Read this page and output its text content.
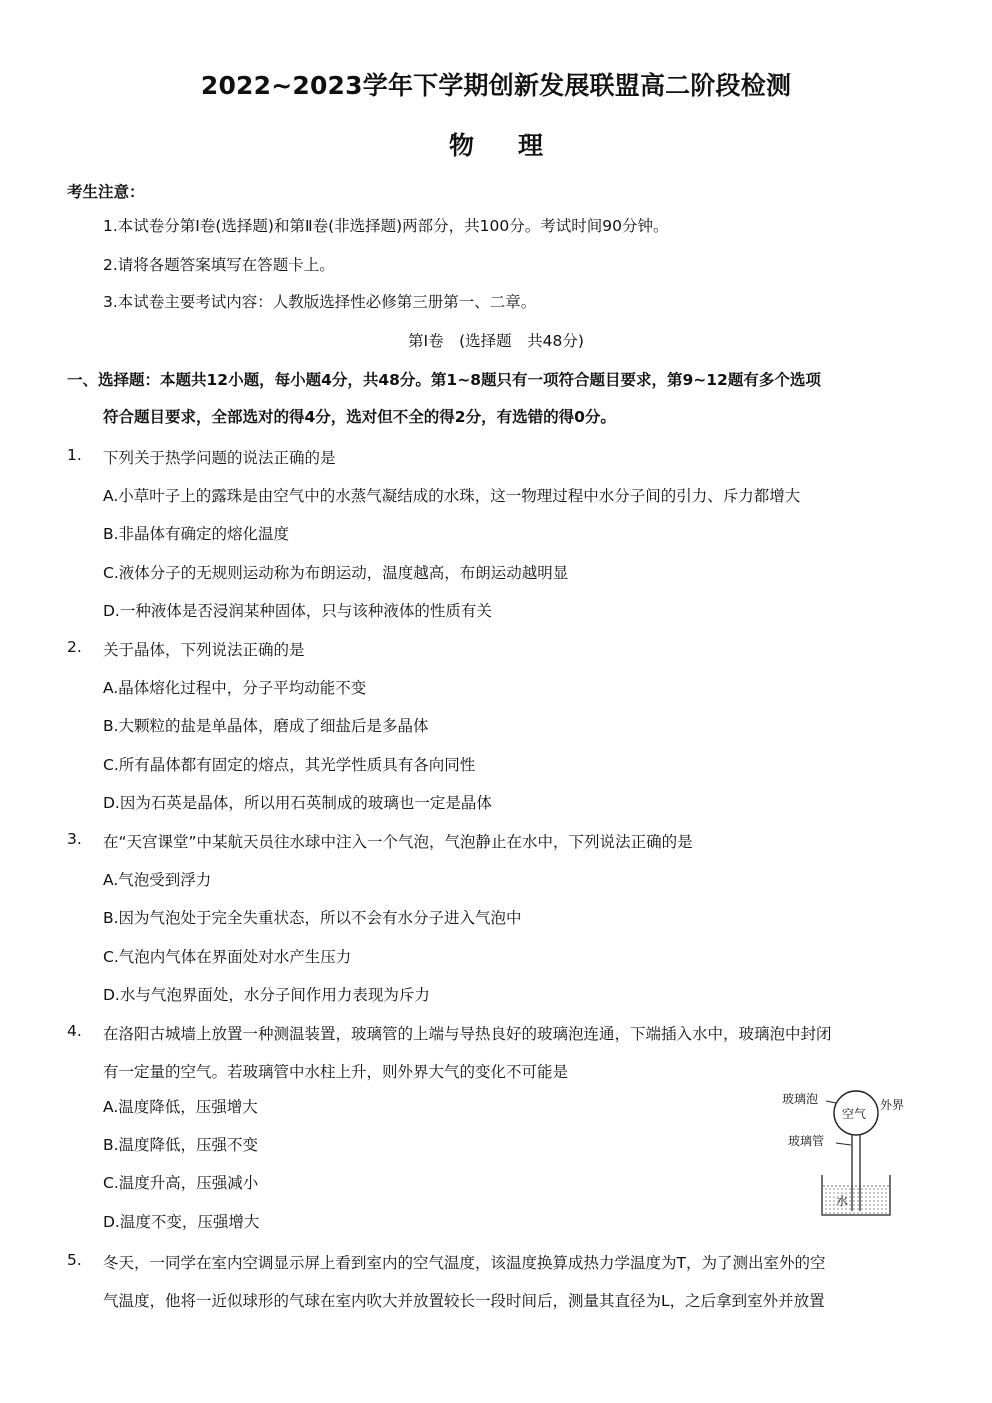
2022~2023学年下学期创新发展联盟高二阶段检测
物 理
考生注意：
1.本试卷分第Ⅰ卷(选择题)和第Ⅱ卷(非选择题)两部分，共100分。考试时间90分钟。
2.请将各题答案填写在答题卡上。
3.本试卷主要考试内容：人教版选择性必修第三册第一、二章。
第Ⅰ卷　(选择题　共48分)
一、选择题：本题共12小题，每小题4分，共48分。第1~8题只有一项符合题目要求，第9~12题有多个选项
符合题目要求，全部选对的得4分，选对但不全的得2分，有选错的得0分。
1. 下列关于热学问题的说法正确的是
A.小草叶子上的露珠是由空气中的水蒸气凝结成的水珠，这一物理过程中水分子间的引力、斥力都增大
B.非晶体有确定的熔化温度
C.液体分子的无规则运动称为布朗运动，温度越高，布朗运动越明显
D.一种液体是否浸润某种固体，只与该种液体的性质有关
2. 关于晶体，下列说法正确的是
A.晶体熔化过程中，分子平均动能不变
B.大颗粒的盐是单晶体，磨成了细盐后是多晶体
C.所有晶体都有固定的熔点，其光学性质具有各向同性
D.因为石英是晶体，所以用石英制成的玻璃也一定是晶体
3. 在“天宫课堂”中某航天员往水球中注入一个气泡，气泡静止在水中，下列说法正确的是
A.气泡受到浮力
B.因为气泡处于完全失重状态，所以不会有水分子进入气泡中
C.气泡内气体在界面处对水产生压力
D.水与气泡界面处，水分子间作用力表现为斥力
4. 在洛阳古城墙上放置一种测温装置，玻璃管的上端与导热良好的玻璃泡连通，下端插入水中，玻璃泡中封闭
有一定量的空气。若玻璃管中水柱上升，则外界大气的变化不可能是
A.温度降低，压强增大
B.温度降低，压强不变
C.温度升高，压强减小
D.温度不变，压强增大
玻璃泡
空气
外界
玻璃管
水
5. 冬天，一同学在室内空调显示屏上看到室内的空气温度，该温度换算成热力学温度为T，为了测出室外的空
气温度，他将一近似球形的气球在室内吹大并放置较长一段时间后，测量其直径为L，之后拿到室外并放置
